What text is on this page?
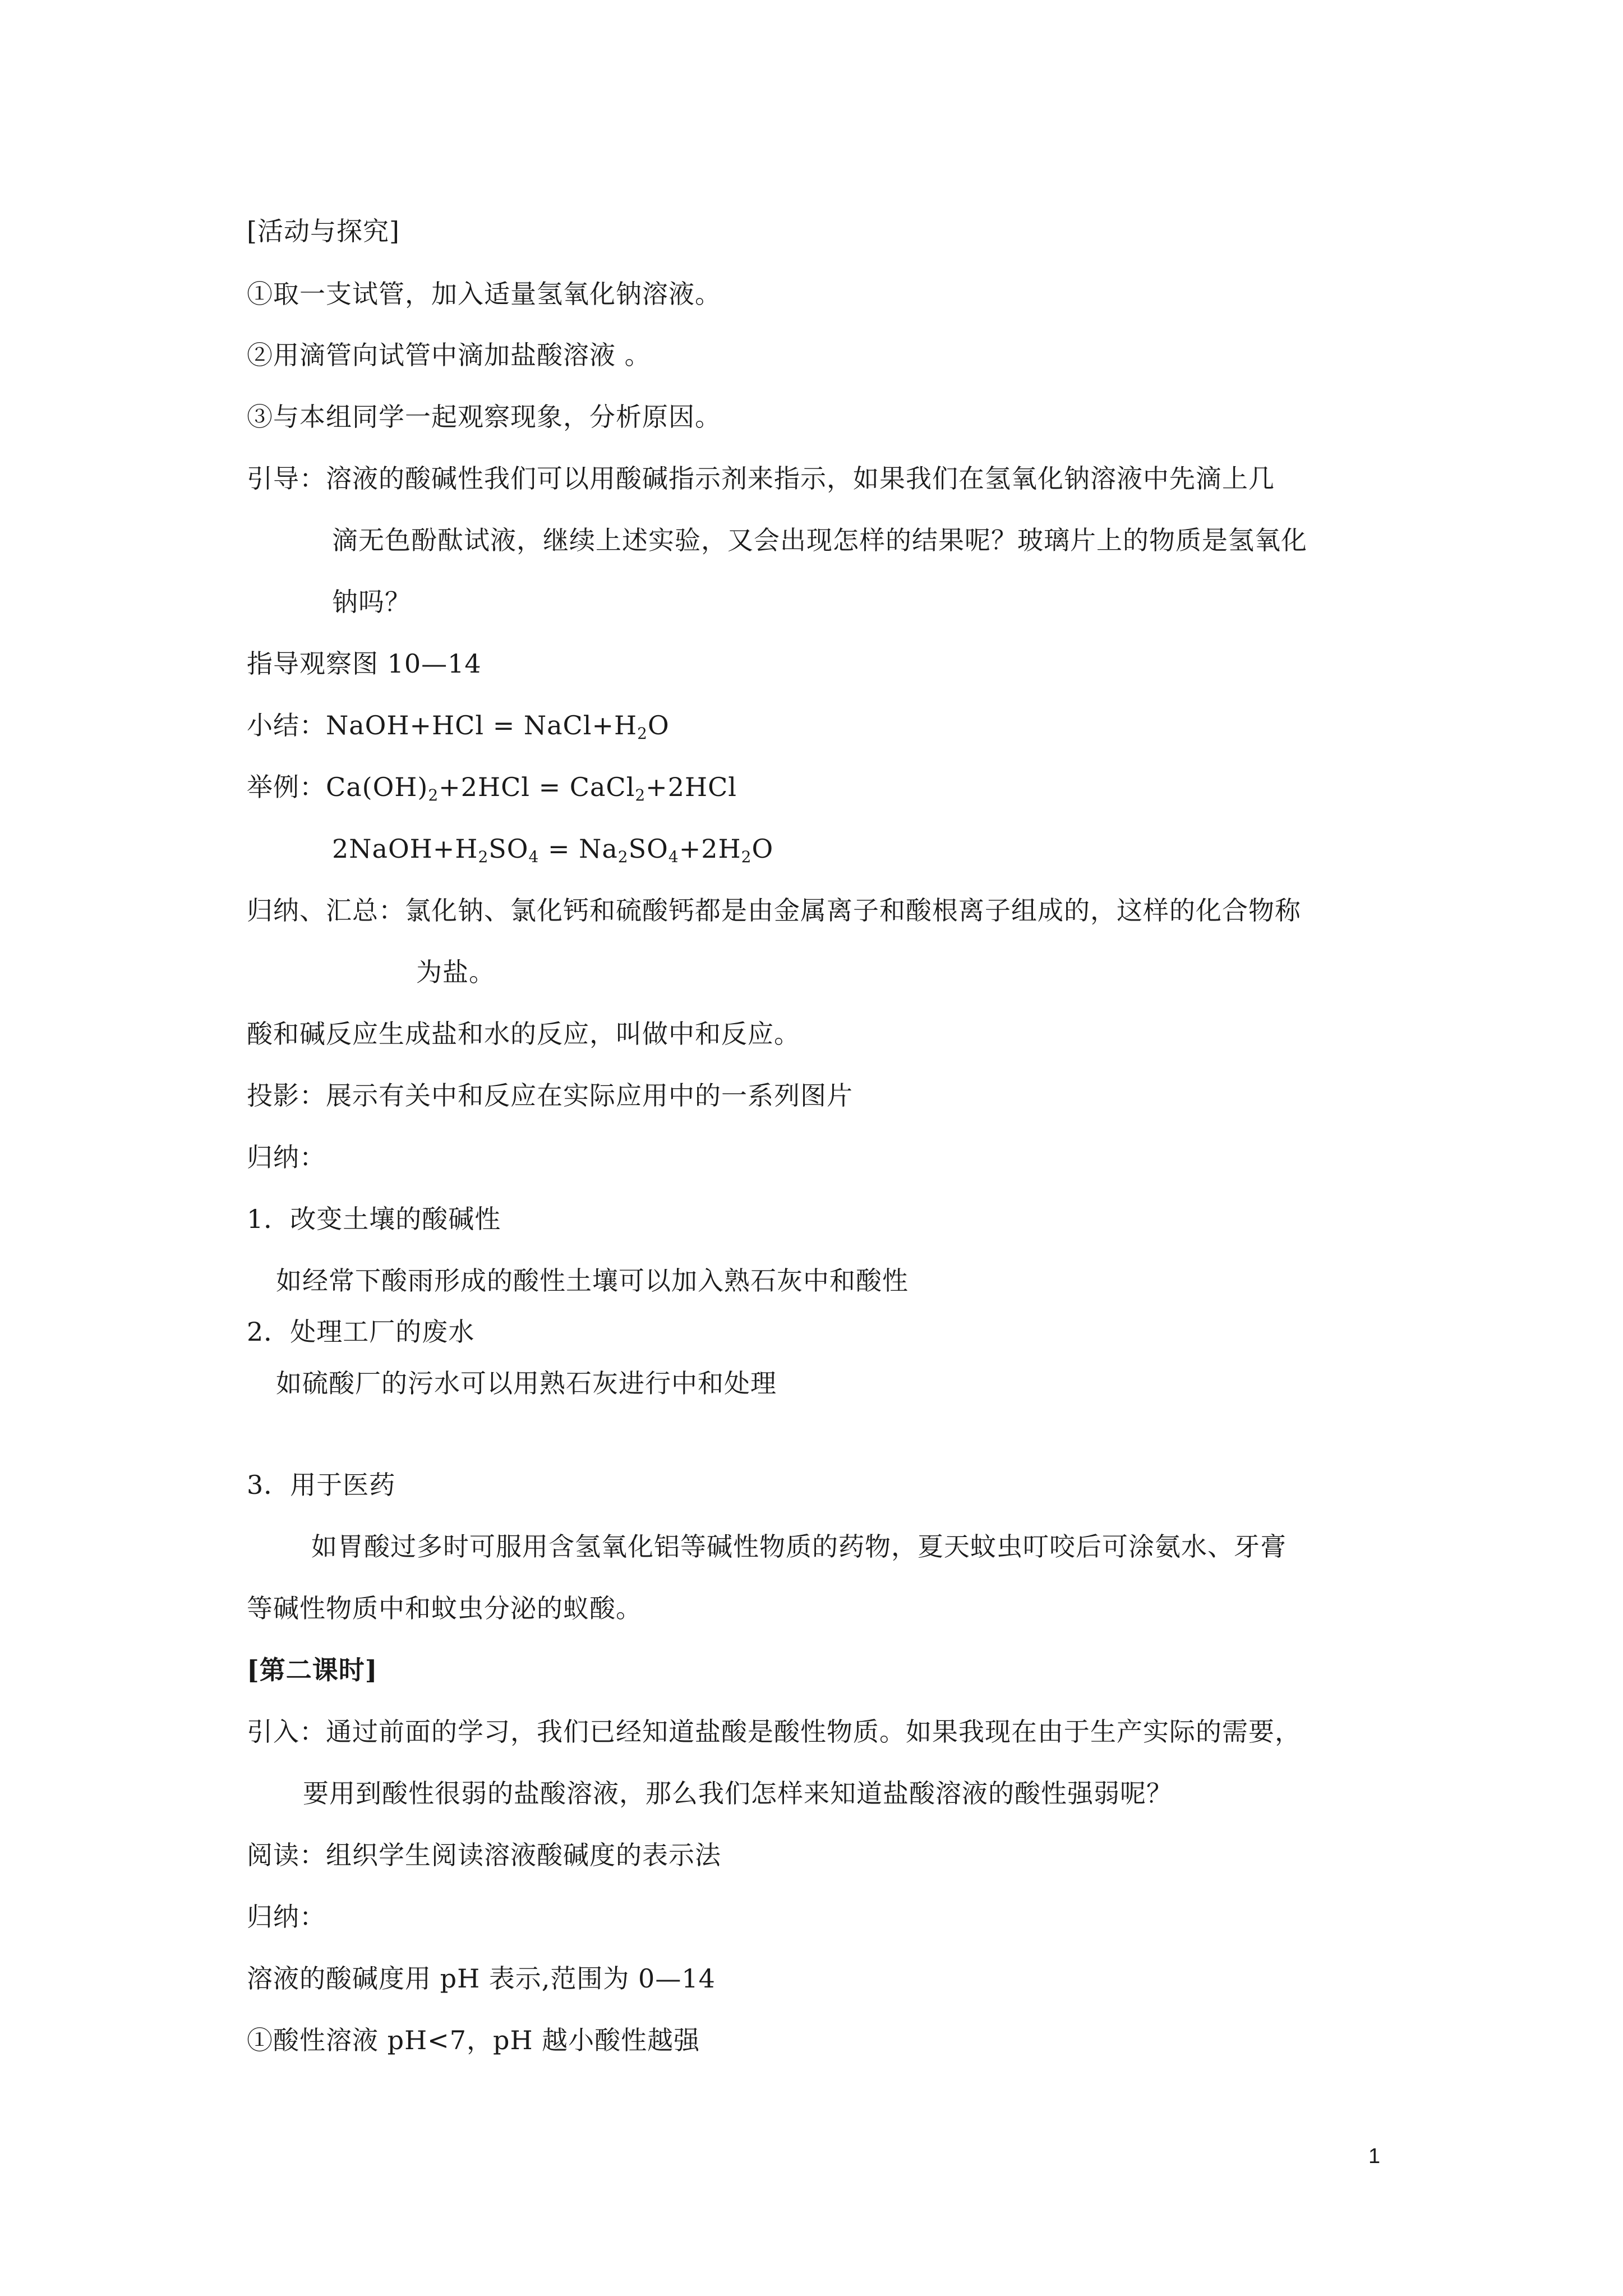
[活动与探究]
①取一支试管，加入适量氢氧化钠溶液。
②用滴管向试管中滴加盐酸溶液 。
③与本组同学一起观察现象，分析原因。
引导：溶液的酸碱性我们可以用酸碱指示剂来指示，如果我们在氢氧化钠溶液中先滴上几
滴无色酚酞试液，继续上述实验，又会出现怎样的结果呢？玻璃片上的物质是氢氧化
钠吗？
指导观察图 10—14
小结：NaOH+HCl = $NaCl+H_2O$
举例：$Ca(OH)_2+2HCl$ = CaCl$_2$+2HCl
$2NaOH+H_2SO_4 = Na_2SO_4+2H_2O$
归纳、汇总：氯化钠、氯化钙和硫酸钙都是由金属离子和酸根离子组成的，这样的化合物称
为盐。
酸和碱反应生成盐和水的反应，叫做中和反应。
投影：展示有关中和反应在实际应用中的一系列图片
归纳：
1．改变土壤的酸碱性
如经常下酸雨形成的酸性土壤可以加入熟石灰中和酸性
2．处理工厂的废水
如硫酸厂的污水可以用熟石灰进行中和处理
3．用于医药
如胃酸过多时可服用含氢氧化铝等碱性物质的药物，夏天蚊虫叮咬后可涂氨水、牙膏
等碱性物质中和蚊虫分泌的蚁酸。
[第二课时]
引入：通过前面的学习，我们已经知道盐酸是酸性物质。如果我现在由于生产实际的需要，
要用到酸性很弱的盐酸溶液，那么我们怎样来知道盐酸溶液的酸性强弱呢？
阅读：组织学生阅读溶液酸碱度的表示法
归纳：
溶液的酸碱度用 pH 表示,范围为 0—14
①酸性溶液 pH<7，pH 越小酸性越强
1
